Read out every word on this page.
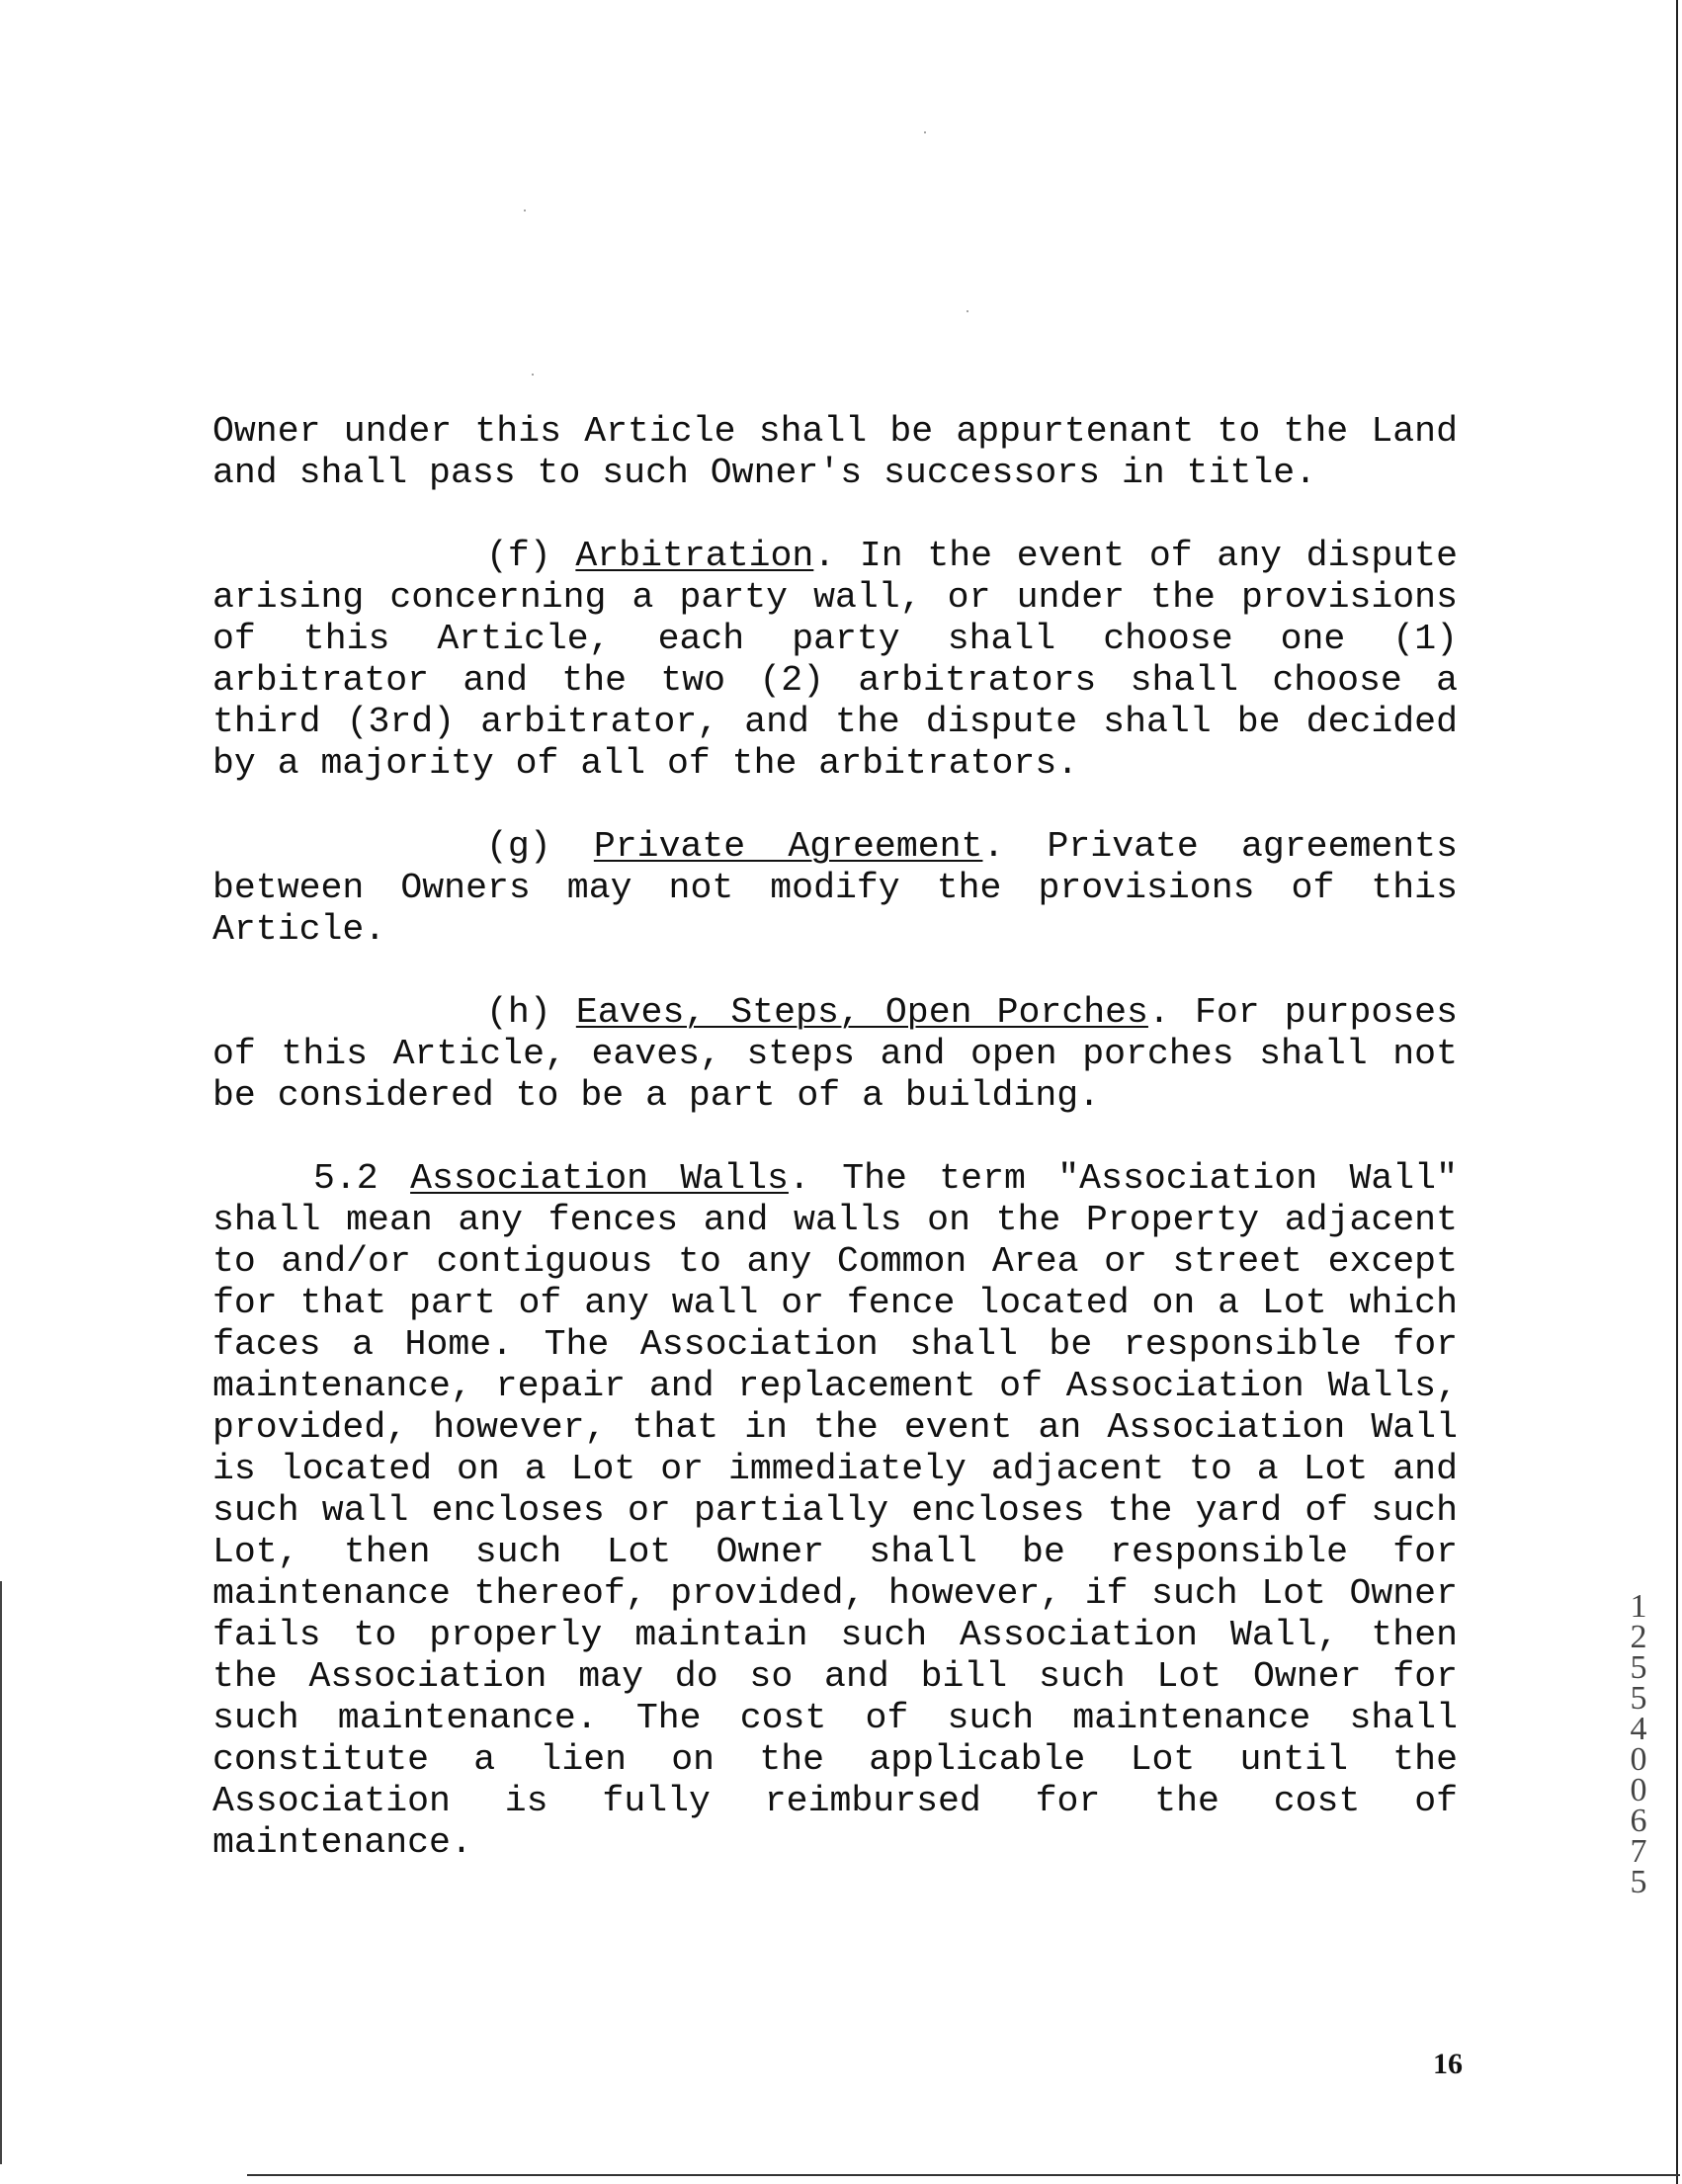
Owner under this Article shall be appurtenant to the Land and shall pass to such Owner's successors in title.

(f) Arbitration. In the event of any dispute arising concerning a party wall, or under the provisions of this Article, each party shall choose one (1) arbitrator and the two (2) arbitrators shall choose a third (3rd) arbitrator, and the dispute shall be decided by a majority of all of the arbitrators.

(g) Private Agreement. Private agreements between Owners may not modify the provisions of this Article.

(h) Eaves, Steps, Open Porches. For purposes of this Article, eaves, steps and open porches shall not be considered to be a part of a building.

5.2 Association Walls. The term "Association Wall" shall mean any fences and walls on the Property adjacent to and/or contiguous to any Common Area or street except for that part of any wall or fence located on a Lot which faces a Home. The Association shall be responsible for maintenance, repair and replacement of Association Walls, provided, however, that in the event an Association Wall is located on a Lot or immediately adjacent to a Lot and such wall encloses or partially encloses the yard of such Lot, then such Lot Owner shall be responsible for maintenance thereof, provided, however, if such Lot Owner fails to properly maintain such Association Wall, then the Association may do so and bill such Lot Owner for such maintenance. The cost of such maintenance shall constitute a lien on the applicable Lot until the Association is fully reimbursed for the cost of maintenance.

16
12554 00675
